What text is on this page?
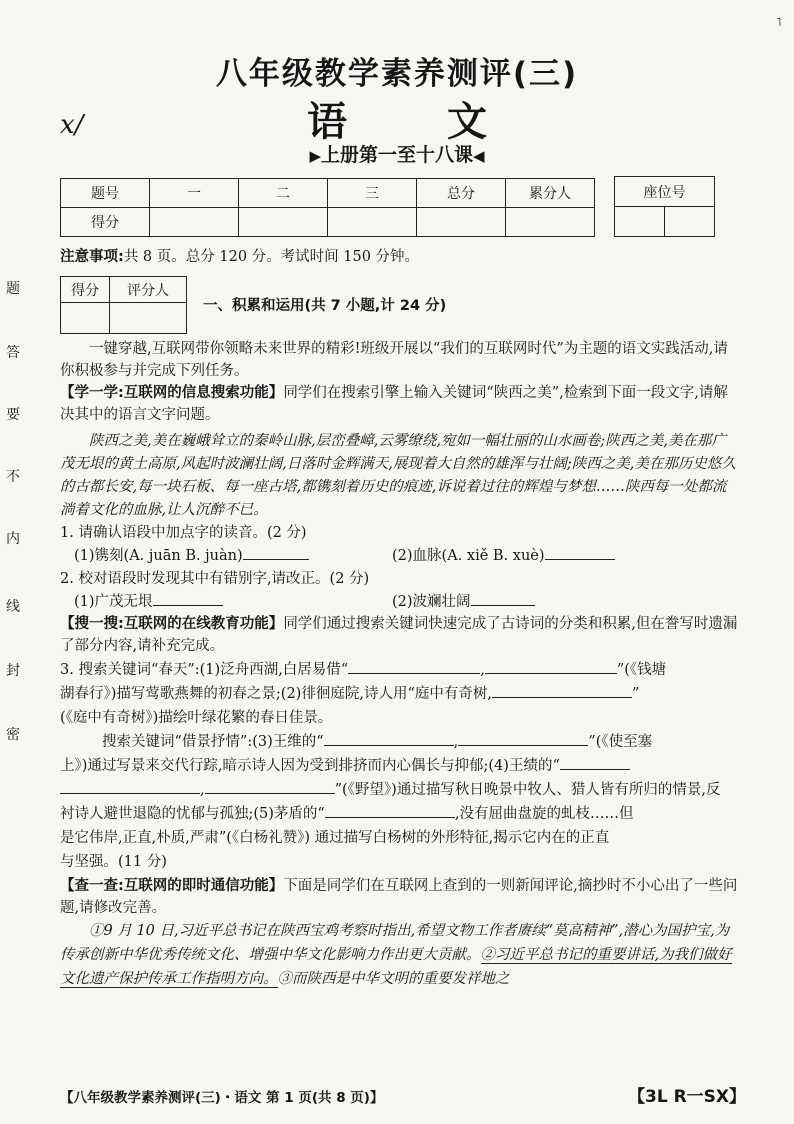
˥
八年级教学素养测评(三)
语	文
x/
▶上册第一至十八课◀
题号	一	二	三	总分	累分人
得分					
座位号

注意事项:共 8 页。总分 120 分。考试时间 150 分钟。
得分	评分人

一、积累和运用(共 7 小题,计 24 分)
一键穿越,互联网带你领略未来世界的精彩!班级开展以“我们的互联网时代”为主题的语文实践活动,请你积极参与并完成下列任务。
【学一学:互联网的信息搜索功能】同学们在搜索引擎上输入关键词“陕西之美”,检索到下面一段文字,请解决其中的语言文字问题。
陕西之美,美在巍峨耸立的秦岭山脉,层峦叠嶂,云雾缭绕,宛如一幅壮丽的山水画卷;陕西之美,美在那广茂无垠的黄土高原,风起时波澜壮阔,日落时金辉满天,展现着大自然的雄浑与壮阔;陕西之美,美在那历史悠久的古都长安,每一块石板、每一座古塔,都镌刻着历史的痕迹,诉说着过往的辉煌与梦想……陕西每一处都流淌着文化的血脉,让人沉醉不已。
1. 请确认语段中加点字的读音。(2 分)
(1)镌刻(A. juān B. juàn)	(2)血脉(A. xiě B. xuè)
2. 校对语段时发现其中有错别字,请改正。(2 分)
(1)广茂无垠	(2)波斓壮阔
【搜一搜:互联网的在线教育功能】同学们通过搜索关键词快速完成了古诗词的分类和积累,但在誊写时遗漏了部分内容,请补充完成。
3. 搜索关键词“春天”:(1)泛舟西湖,白居易借“	,	”(《钱塘
湖春行》)描写莺歌燕舞的初春之景;(2)徘徊庭院,诗人用“庭中有奇树,	”
(《庭中有奇树》)描绘叶绿花繁的春日佳景。
搜索关键词“借景抒情”:(3)王维的“	,	”(《使至塞
上》)通过写景来交代行踪,暗示诗人因为受到排挤而内心偶长与抑郁;(4)王绩的“
,	”(《野望》)通过描写秋日晚景中牧人、猎人皆有所归的情景,反
衬诗人避世退隐的忧郁与孤独;(5)茅盾的“	,没有屈曲盘旋的虬枝……但
是它伟岸,正直,朴质,严肃”(《白杨礼赞》) 通过描写白杨树的外形特征,揭示它内在的正直
与坚强。(11 分)
【查一查:互联网的即时通信功能】下面是同学们在互联网上查到的一则新闻评论,摘抄时不小心出了一些问题,请修改完善。
①9 月 10 日,习近平总书记在陕西宝鸡考察时指出,希望文物工作者赓续“莫高精神”,潜心为国护宝,为传承创新中华优秀传统文化、增强中华文化影响力作出更大贡献。②习近平总书记的重要讲话,为我们做好文化遗产保护传承工作指明方向。③而陕西是中华文明的重要发祥地之
题
答
要
不
内
线
封
密
【八年级教学素养测评(三)・语文 第 1 页(共 8 页)】	【3L R一SX】
